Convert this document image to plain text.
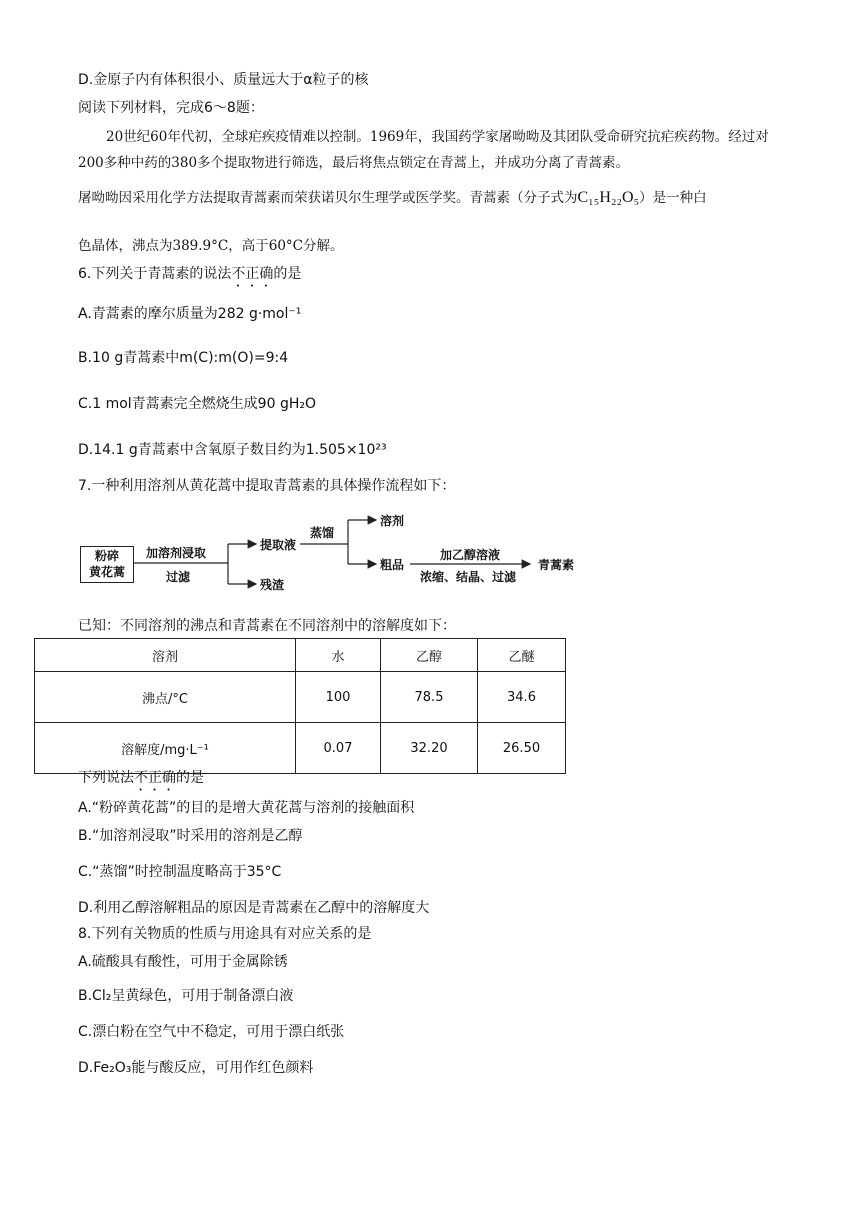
D.金原子内有体积很小、质量远大于α粒子的核
阅读下列材料，完成6～8题：
20世纪60年代初，全球疟疾疫情难以控制。1969年，我国药学家屠呦呦及其团队受命研究抗疟疾药物。经过对200多种中药的380多个提取物进行筛选，最后将焦点锁定在青蒿上，并成功分离了青蒿素。
屠呦呦因采用化学方法提取青蒿素而荣获诺贝尔生理学或医学奖。青蒿素（分子式为C₁₅H₂₂O₅）是一种白
色晶体，沸点为389.9°C，高于60°C分解。
6.下列关于青蒿素的说法不正确的是
A.青蒿素的摩尔质量为282 g·mol⁻¹
B.10 g青蒿素中m(C):m(O)=9:4
C.1 mol青蒿素完全燃烧生成90 gH₂O
D.14.1 g青蒿素中含氧原子数目约为1.505×10²³
7.一种利用溶剂从黄花蒿中提取青蒿素的具体操作流程如下：
粉碎
黄花蒿
加溶剂浸取
过滤
提取液
残渣
蒸馏
溶剂
粗品
加乙醇溶液
浓缩、结晶、过滤
青蒿素
已知：不同溶剂的沸点和青蒿素在不同溶剂中的溶解度如下：
溶剂	水	乙醇	乙醚
沸点/°C	100	78.5	34.6
溶解度/mg·L⁻¹	0.07	32.20	26.50
下列说法不正确的是
A.“粉碎黄花蒿”的目的是增大黄花蒿与溶剂的接触面积
B.“加溶剂浸取”时采用的溶剂是乙醇
C.“蒸馏”时控制温度略高于35°C
D.利用乙醇溶解粗品的原因是青蒿素在乙醇中的溶解度大
8.下列有关物质的性质与用途具有对应关系的是
A.硫酸具有酸性，可用于金属除锈
B.Cl₂呈黄绿色，可用于制备漂白液
C.漂白粉在空气中不稳定，可用于漂白纸张
D.Fe₂O₃能与酸反应，可用作红色颜料
